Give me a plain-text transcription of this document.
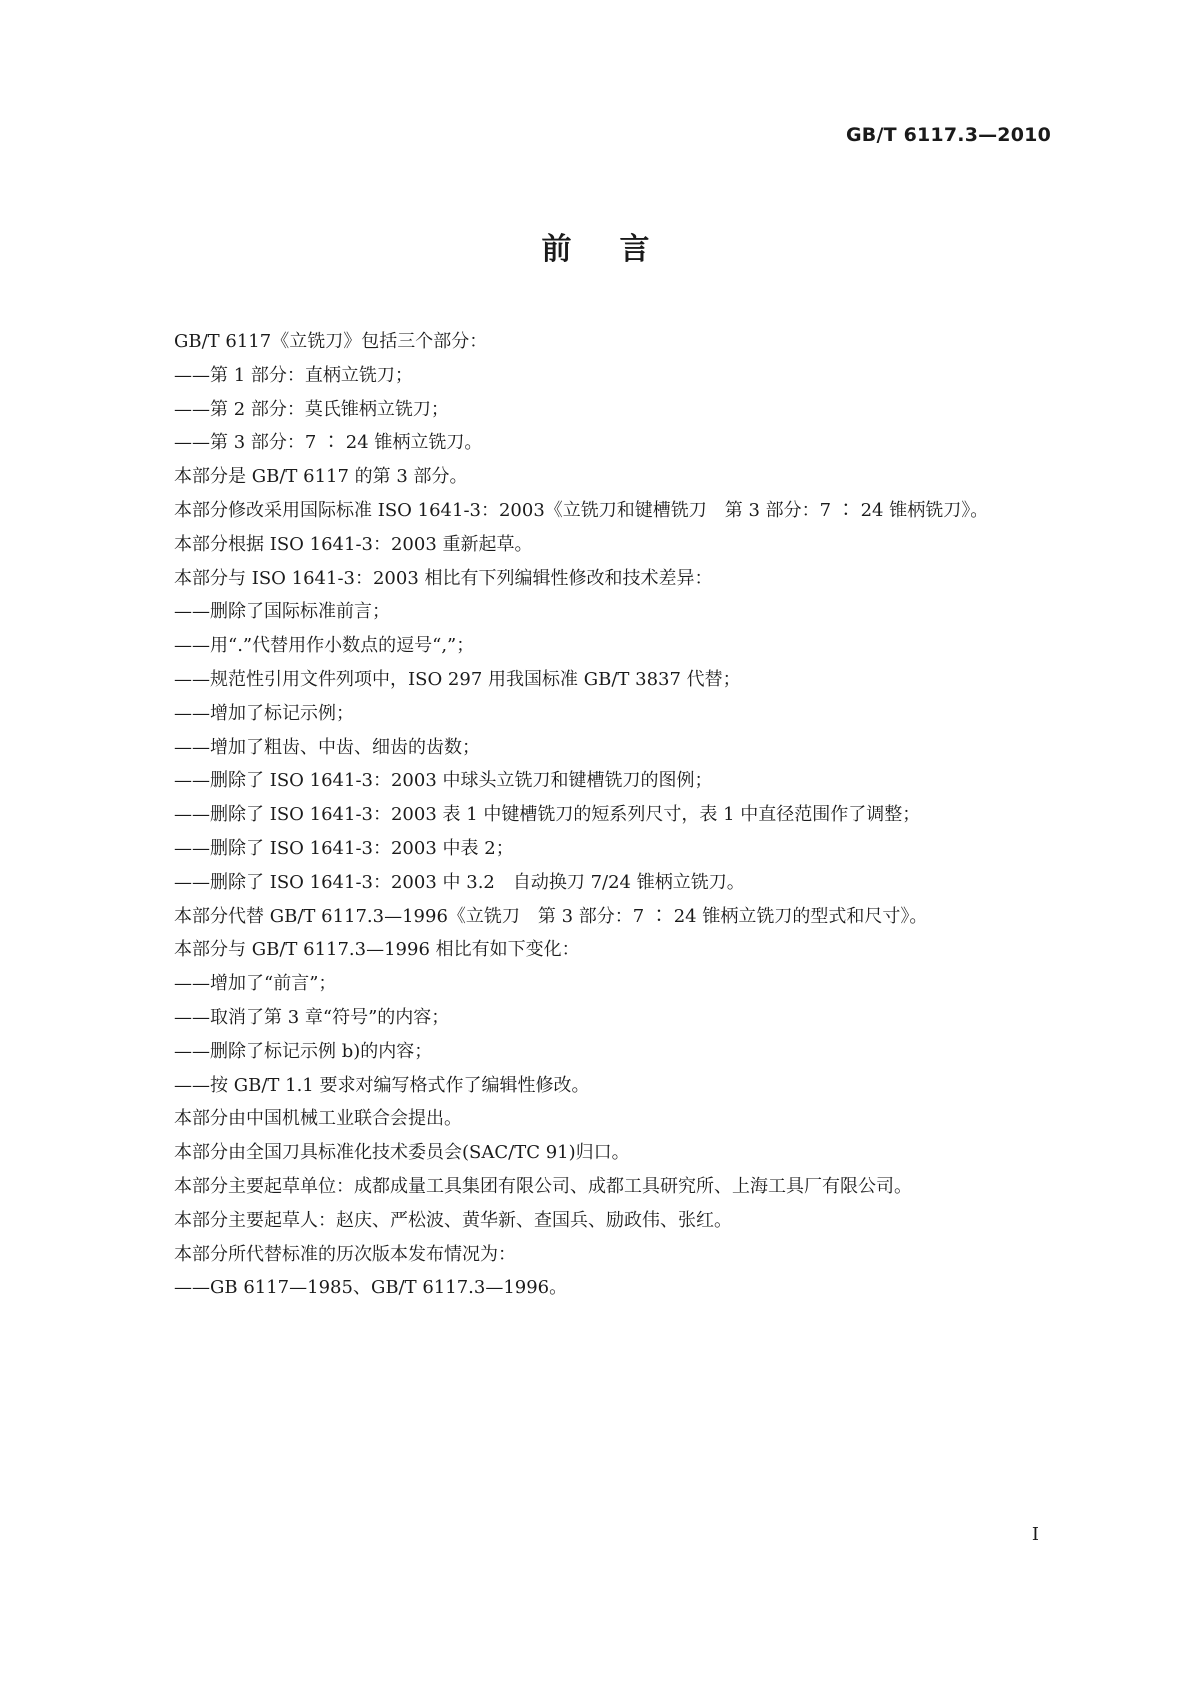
GB/T 6117.3—2010
前言
GB/T 6117《立铣刀》包括三个部分：
——第 1 部分：直柄立铣刀；
——第 2 部分：莫氏锥柄立铣刀；
——第 3 部分：7 ∶ 24 锥柄立铣刀。
本部分是 GB/T 6117 的第 3 部分。
本部分修改采用国际标准 ISO 1641-3：2003《立铣刀和键槽铣刀　第 3 部分：7 ∶ 24 锥柄铣刀》。
本部分根据 ISO 1641-3：2003 重新起草。
本部分与 ISO 1641-3：2003 相比有下列编辑性修改和技术差异：
——删除了国际标准前言；
——用“.”代替用作小数点的逗号“,”；
——规范性引用文件列项中，ISO 297 用我国标准 GB/T 3837 代替；
——增加了标记示例；
——增加了粗齿、中齿、细齿的齿数；
——删除了 ISO 1641-3：2003 中球头立铣刀和键槽铣刀的图例；
——删除了 ISO 1641-3：2003 表 1 中键槽铣刀的短系列尺寸，表 1 中直径范围作了调整；
——删除了 ISO 1641-3：2003 中表 2；
——删除了 ISO 1641-3：2003 中 3.2　自动换刀 7/24 锥柄立铣刀。
本部分代替 GB/T 6117.3—1996《立铣刀　第 3 部分：7 ∶ 24 锥柄立铣刀的型式和尺寸》。
本部分与 GB/T 6117.3—1996 相比有如下变化：
——增加了“前言”；
——取消了第 3 章“符号”的内容；
——删除了标记示例 b)的内容；
——按 GB/T 1.1 要求对编写格式作了编辑性修改。
本部分由中国机械工业联合会提出。
本部分由全国刀具标准化技术委员会(SAC/TC 91)归口。
本部分主要起草单位：成都成量工具集团有限公司、成都工具研究所、上海工具厂有限公司。
本部分主要起草人：赵庆、严松波、黄华新、查国兵、励政伟、张红。
本部分所代替标准的历次版本发布情况为：
——GB 6117—1985、GB/T 6117.3—1996。
I
